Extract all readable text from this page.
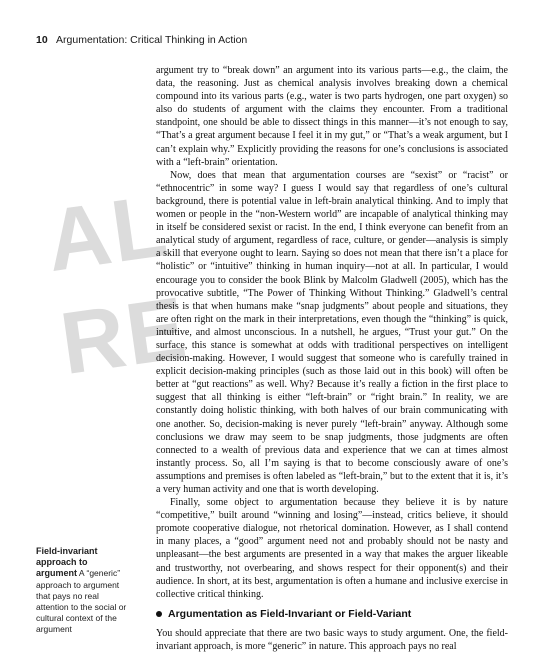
AL
RE
10 Argumentation: Critical Thinking in Action

argument try to “break down” an argument into its various parts—e.g., the claim, the data, the reasoning. Just as chemical analysis involves breaking down a chemical compound into its various parts (e.g., water is two parts hydrogen, one part oxygen) so also do students of argument with the claims they encounter. From a traditional standpoint, one should be able to dissect things in this manner—it’s not enough to say, “That’s a great argument because I feel it in my gut,” or “That’s a weak argument, but I can’t explain why.” Explicitly providing the reasons for one’s conclusions is associated with a “left-brain” orientation.

Now, does that mean that argumentation courses are “sexist” or “racist” or “ethnocentric” in some way? I guess I would say that regardless of one’s cultural background, there is potential value in left-brain analytical thinking. And to imply that women or people in the “non-Western world” are incapable of analytical thinking may in itself be considered sexist or racist. In the end, I think everyone can benefit from an analytical study of argument, regardless of race, culture, or gender—analysis is simply a skill that everyone ought to learn. Saying so does not mean that there isn’t a place for “holistic” or “intuitive” thinking in human inquiry—not at all. In particular, I would encourage you to consider the book Blink by Malcolm Gladwell (2005), which has the provocative subtitle, “The Power of Thinking Without Thinking.” Gladwell’s central thesis is that when humans make “snap judgments” about people and situations, they are often right on the mark in their interpretations, even though the “thinking” is quick, intuitive, and almost unconscious. In a nutshell, he argues, “Trust your gut.” On the surface, this stance is somewhat at odds with traditional perspectives on intelligent decision-making. However, I would suggest that someone who is carefully trained in explicit decision-making principles (such as those laid out in this book) will often be better at “gut reactions” as well. Why? Because it’s really a fiction in the first place to suggest that all thinking is either “left-brain” or “right brain.” In reality, we are constantly doing holistic thinking, with both halves of our brain communicating with one another. So, decision-making is never purely “left-brain” anyway. Although some conclusions we draw may seem to be snap judgments, those judgments are often connected to a wealth of previous data and experience that we can at times almost instantly process. So, all I’m saying is that to become consciously aware of one’s assumptions and premises is often labeled as “left-brain,” but to the extent that it is, it’s a very human activity and one that is worth developing.

Finally, some object to argumentation because they believe it is by nature “competitive,” built around “winning and losing”—instead, critics believe, it should promote cooperative dialogue, not rhetorical domination. However, as I shall contend in many places, a “good” argument need not and probably should not be nasty and unpleasant—the best arguments are presented in a way that makes the arguer likeable and trustworthy, not overbearing, and shows respect for their opponent(s) and their audience. In short, at its best, argumentation is often a humane and inclusive exercise in collective critical thinking.

Argumentation as Field-Invariant or Field-Variant

You should appreciate that there are two basic ways to study argument. One, the field-invariant approach, is more “generic” in nature. This approach pays no real

Field-invariant approach to argument A “generic” approach to argument that pays no real attention to the social or cultural context of the argument
